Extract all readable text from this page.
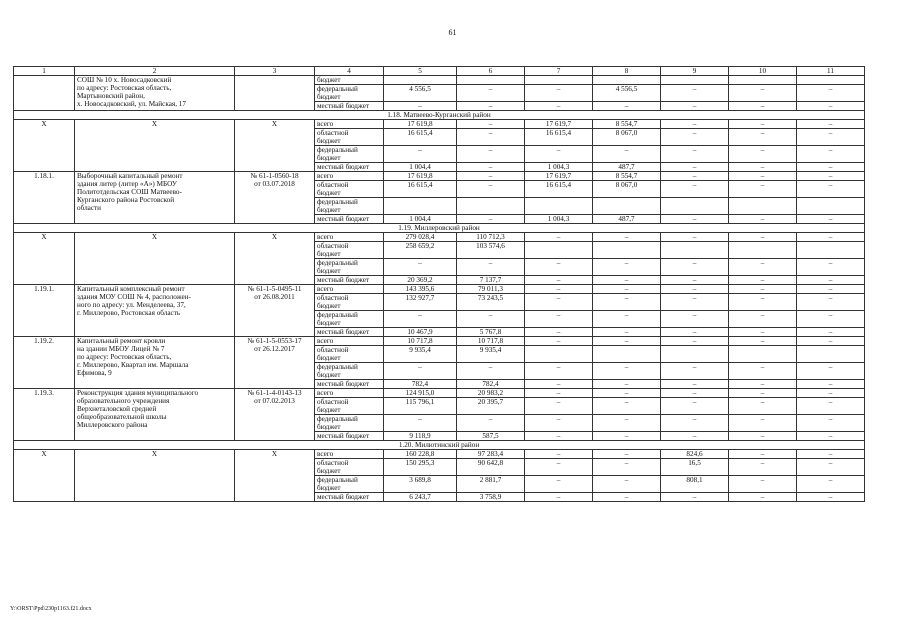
61
1	2	3	4	5	6	7	8	9	10	11

	СОШ № 10 х. Новосадковский
по адресу: Ростовская область,
Мартыновский район,
х. Новосадковский, ул. Майская, 17		бюджет							

			федеральный
бюджет	4 556,5	–	–	4 556,5	–	–	–

			местный бюджет	–	–	–	–	–	–	–
1.18. Матвеево-Курганский район										
Х	Х	Х	всего	17 619,8	–	17 619,7	8 554,7	–	–	–

			областной
бюджет	16 615,4	–	16 615,4	8 067,0	–	–	–

			федеральный
бюджет	–	–	–	–	–	–	–

			местный бюджет	1 004,4	–	1 004,3	487,7	–	–	–
1.18.1.	Выборочный капитальный ремонт
здания литер (литер «А») МБОУ
Политотдельская СОШ Матвеево-
Курганского района Ростовской
области	№ 61-1-0560-18
от 03.07.2018	всего	17 619,8	–	17 619,7	8 554,7	–	–	–

			областной
бюджет	16 615,4	–	16 615,4	8 067,0	–	–	–

			федеральный
бюджет							

			местный бюджет	1 004,4	–	1 004,3	487,7	–	–	–
1.19. Миллеровский район										
Х	Х	Х	всего	279 028,4	110 712,3	–	–	–	–	–

			областной
бюджет	258 659,2	103 574,6					

			федеральный
бюджет	–	–	–	–	–	–	–

			местный бюджет	20 369,2	7 137,7	–	–	–	–	–
1.19.1.	Капитальный комплексный ремонт
здания МОУ СОШ № 4, расположен-
ного по адресу: ул. Менделеева, 37,
г. Миллерово, Ростовская область	№ 61-1-5-0495-11
от 26.08.2011	всего	143 395,6	79 011,3	–	–	–	–	–

			областной
бюджет	132 927,7	73 243,5	–	–	–	–	–

			федеральный
бюджет	–	–	–	–	–	–	–

			местный бюджет	10 467,9	5 767,8	–	–	–	–	–
1.19.2.	Капитальный ремонт кровли
на здании МБОУ Лицей № 7
по адресу: Ростовская область,
г. Миллерово, Квартал им. Маршала
Ефимова, 9	№ 61-1-5-0553-17
от 26.12.2017	всего	10 717,8	10 717,8	–	–	–	–	–

			областной
бюджет	9 935,4	9 935,4					

			федеральный
бюджет	–	–	–	–	–	–	–

			местный бюджет	782,4	782,4	–	–	–	–	–
1.19.3.	Реконструкция здания муниципального
образовательного учреждения
Верхнеталовской средней
общеобразовательной школы
Миллеровского района	№ 61-1-4-0143-13
от 07.02.2013	всего	124 915,0	20 983,2	–	–	–	–	–

			областной
бюджет	115 796,1	20 395,7	–	–	–	–	–

			федеральный
бюджет	–	–	–	–	–	–	–

			местный бюджет	9 118,9	587,5	–	–	–	–	–
1.20. Милютинский район										
Х	Х	Х	всего	160 228,8	97 283,4	–	–	824,6	–	–

			областной
бюджет	150 295,3	90 642,8	–	–	16,5	–	–

			федеральный
бюджет	3 689,8	2 881,7	–	–	808,1	–	–

			местный бюджет	6 243,7	3 758,9	–	–	–	–	–
Y:\ORST\Ppd\230p1163.f21.docx
